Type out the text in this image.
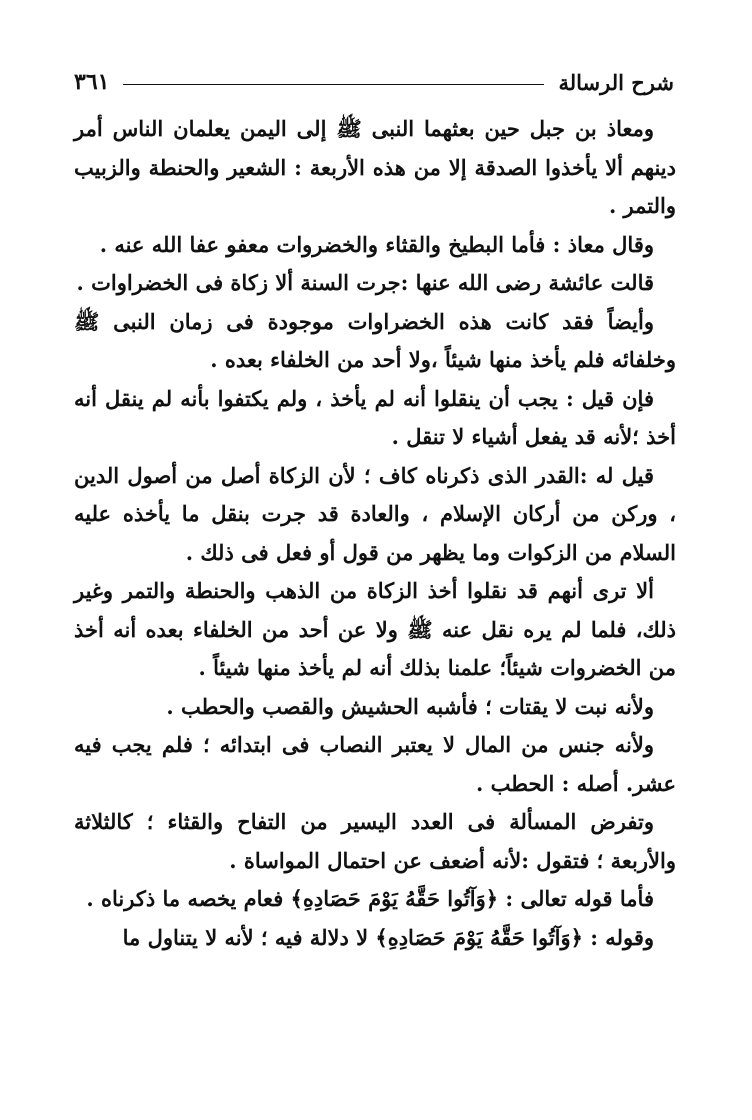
شرح الرسالة
٣٦١

ومعاذ بن جبل حين بعثهما النبى ﷺ إلى اليمن يعلمان الناس أمر دينهم ألا يأخذوا الصدقة إلا من هذه الأربعة : الشعير والحنطة والزبيب والتمر .

وقال معاذ : فأما البطيخ والقثاء والخضروات معفو عفا الله عنه .

قالت عائشة رضى الله عنها :جرت السنة ألا زكاة فى الخضراوات .

وأيضاً فقد كانت هذه الخضراوات موجودة فى زمان النبى ﷺ وخلفائه فلم يأخذ منها شيئاً ،ولا أحد من الخلفاء بعده .

فإن قيل : يجب أن ينقلوا أنه لم يأخذ ، ولم يكتفوا بأنه لم ينقل أنه أخذ ؛لأنه قد يفعل أشياء لا تنقل .

قيل له :القدر الذى ذكرناه كاف ؛ لأن الزكاة أصل من أصول الدين ، وركن من أركان الإسلام ، والعادة قد جرت بنقل ما يأخذه عليه السلام من الزكوات وما يظهر من قول أو فعل فى ذلك .

ألا ترى أنهم قد نقلوا أخذ الزكاة من الذهب والحنطة والتمر وغير ذلك، فلما لم يره نقل عنه ﷺ ولا عن أحد من الخلفاء بعده أنه أخذ من الخضروات شيئاً؛ علمنا بذلك أنه لم يأخذ منها شيئاً .

ولأنه نبت لا يقتات ؛ فأشبه الحشيش والقصب والحطب .

ولأنه جنس من المال لا يعتبر النصاب فى ابتدائه ؛ فلم يجب فيه عشر. أصله : الحطب .

وتفرض المسألة فى العدد اليسير من التفاح والقثاء ؛ كالثلاثة والأربعة ؛ فتقول :لأنه أضعف عن احتمال المواساة .

فأما قوله تعالى : ﴿وَآتُوا حَقَّهُ يَوْمَ حَصَادِهِ﴾ فعام يخصه ما ذكرناه .

وقوله : ﴿وَآتُوا حَقَّهُ يَوْمَ حَصَادِهِ﴾ لا دلالة فيه ؛ لأنه لا يتناول ما
